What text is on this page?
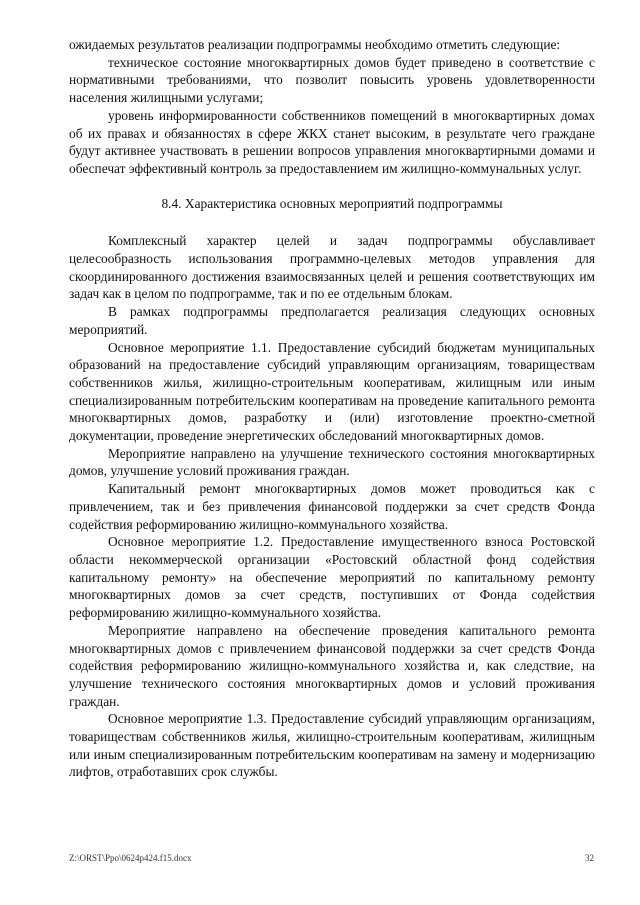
ожидаемых результатов реализации подпрограммы необходимо отметить следующие:

техническое состояние многоквартирных домов будет приведено в соответствие с нормативными требованиями, что позволит повысить уровень удовлетворенности населения жилищными услугами;

уровень информированности собственников помещений в многоквартирных домах об их правах и обязанностях в сфере ЖКХ станет высоким, в результате чего граждане будут активнее участвовать в решении вопросов управления многоквартирными домами и обеспечат эффективный контроль за предоставлением им жилищно-коммунальных услуг.

8.4. Характеристика основных мероприятий подпрограммы

Комплексный характер целей и задач подпрограммы обуславливает целесообразность использования программно-целевых методов управления для скоординированного достижения взаимосвязанных целей и решения соответствующих им задач как в целом по подпрограмме, так и по ее отдельным блокам.

В рамках подпрограммы предполагается реализация следующих основных мероприятий.

Основное мероприятие 1.1. Предоставление субсидий бюджетам муниципальных образований на предоставление субсидий управляющим организациям, товариществам собственников жилья, жилищно-строительным кооперативам, жилищным или иным специализированным потребительским кооперативам на проведение капитального ремонта многоквартирных домов, разработку и (или) изготовление проектно-сметной документации, проведение энергетических обследований многоквартирных домов.

Мероприятие направлено на улучшение технического состояния многоквартирных домов, улучшение условий проживания граждан.

Капитальный ремонт многоквартирных домов может проводиться как с привлечением, так и без привлечения финансовой поддержки за счет средств Фонда содействия реформированию жилищно-коммунального хозяйства.

Основное мероприятие 1.2. Предоставление имущественного взноса Ростовской области некоммерческой организации «Ростовский областной фонд содействия капитальному ремонту» на обеспечение мероприятий по капитальному ремонту многоквартирных домов за счет средств, поступивших от Фонда содействия реформированию жилищно-коммунального хозяйства.

Мероприятие направлено на обеспечение проведения капитального ремонта многоквартирных домов с привлечением финансовой поддержки за счет средств Фонда содействия реформированию жилищно-коммунального хозяйства и, как следствие, на улучшение технического состояния многоквартирных домов и условий проживания граждан.

Основное мероприятие 1.3. Предоставление субсидий управляющим организациям, товариществам собственников жилья, жилищно-строительным кооперативам, жилищным или иным специализированным потребительским кооперативам на замену и модернизацию лифтов, отработавших срок службы.

Z:\ORST\Ppo\0624p424.f15.docx	32
